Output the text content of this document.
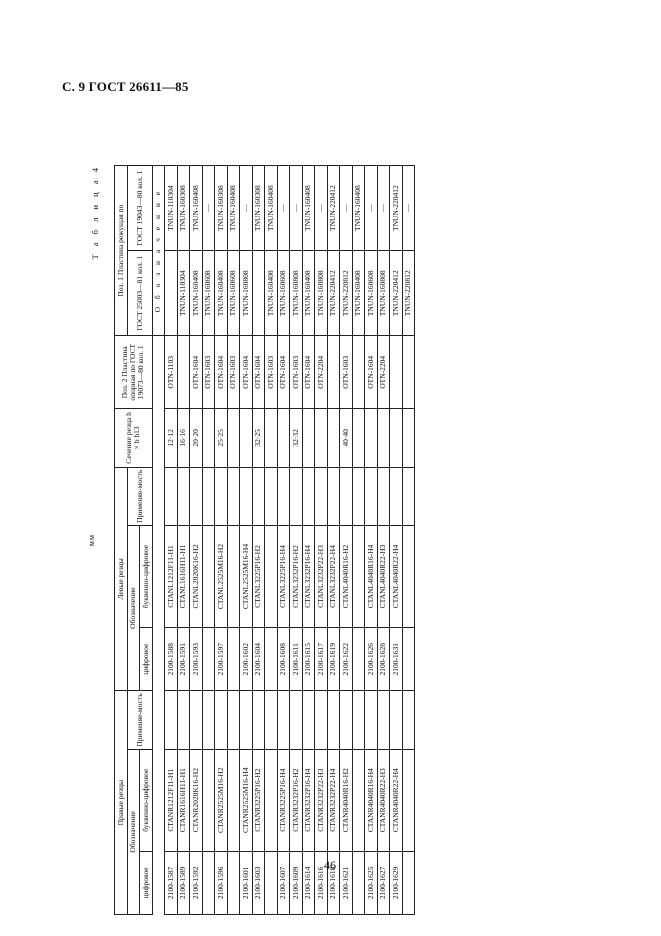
С. 9 ГОСТ 26611—85
Т а б л и ц а 4
мм
Правые резцы			Левые резцы			Сечение резца h × b h13	Поз. 2 Пластина опорная по ГОСТ 19073—80 кол. 1	Поз. 1 Пластина режущая по	
Обозначение		Применяе-мость	Обозначение		Применяе-мость			ГОСТ 25003—81 кол. 1	ГОСТ 19043—80 кол. 1
цифровое	буквенно-цифровое		цифровое	буквенно-цифровое					
								О б о з н а ч е н и е	
2100-1587	CTANR1212F11-H1		2100-1588	CTANL1212F11-H1		12·12	OTN-1103		TNUN-110304
2100-1589	CTANR1616H11-H1		2100-1591	CTANL1616H11-H1		16·16		TNUN-110304	TNUN-160308
2100-1592	CTANR2020K16-H2		2100-1593	CTANL2020K16-H2		20·20	OTN-1604	TNUN-160408	TNUN-160408
							OTN-1603	TNUN-160608	—
2100-1596	CTANR2525M16-H2		2100-1597	CTANL2525M16-H2		25·25	OTN-1604	TNUN-160408	TNUN-160308
							OTN-1603	TNUN-160608	TNUN-160408
2100-1601	CTANR2525M16-H4		2100-1602	CTANL2525M16-H4			OTN-1604	TNUN-160808	—
2100-1603	CTANR3225P16-H2		2100-1604	CTANL3225P16-H2		32·25	OTN-1604		TNUN-160308
							OTN-1603	TNUN-160408	TNUN-160408
2100-1607	CTANR3225P16-H4		2100-1608	CTANL3225P16-H4			OTN-1604	TNUN-160608	—
2100-1609	CTANR3232P16-H2		2100-1611	CTANL3232P16-H2		32·32	OTN-1603	TNUN-160808	—
2100-1614	CTANR3232P16-H4		2100-1615	CTANL3232P16-H4			OTN-1604	TNUN-160408	TNUN-160408
2100-1616	CTANR3232P22-H3		2100-1617	CTANL3232P22-H3			OTN-2204	TNUN-160808	—
2100-1618	CTANR3232P22-H4		2100-1619	CTANL3232P22-H4				TNUN-220412	TNUN-220412
2100-1621	CTANR4040R16-H2		2100-1622	CTANL4040R16-H2		40·40	OTN-1603	TNUN-220812	—
								TNUN-160408	TNUN-160408
2100-1625	CTANR4040R16-H4		2100-1626	CTANL4040R16-H4			OTN-1604	TNUN-160608	—
2100-1627	CTANR4040R22-H3		2100-1628	CTANL4040R22-H3			OTN-2204	TNUN-160808	—
2100-1629	CTANR4040R22-H4		2100-1631	CTANL4040R22-H4				TNUN-220412	TNUN-220412
								TNUN-220812	—
46
